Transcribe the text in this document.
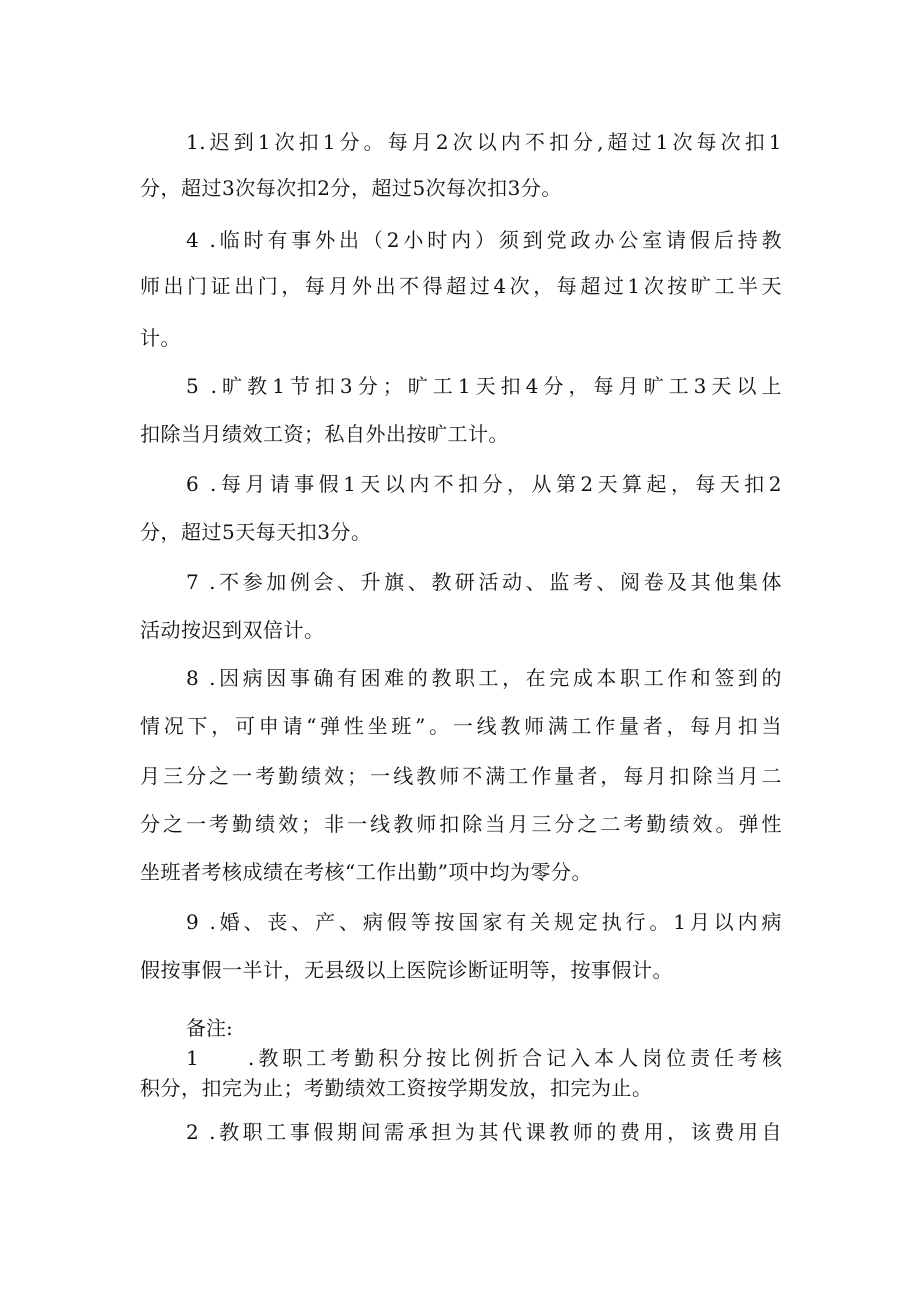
1.迟到1次扣1分。每月2次以内不扣分,超过1次每次扣1
分，超过3次每次扣2分，超过5次每次扣3分。
4 .临时有事外出（2小时内）须到党政办公室请假后持教
师出门证出门，每月外出不得超过4次，每超过1次按旷工半天
计。
5 .旷教1节扣3分；旷工1天扣4分，每月旷工3天以上
扣除当月绩效工资；私自外出按旷工计。
6 .每月请事假1天以内不扣分，从第2天算起，每天扣2
分，超过5天每天扣3分。
7 .不参加例会、升旗、教研活动、监考、阅卷及其他集体
活动按迟到双倍计。
8 .因病因事确有困难的教职工，在完成本职工作和签到的
情况下，可申请“弹性坐班”。一线教师满工作量者，每月扣当
月三分之一考勤绩效；一线教师不满工作量者，每月扣除当月二
分之一考勤绩效；非一线教师扣除当月三分之二考勤绩效。弹性
坐班者考核成绩在考核“工作出勤”项中均为零分。
9 .婚、丧、产、病假等按国家有关规定执行。1月以内病
假按事假一半计，无县级以上医院诊断证明等，按事假计。
备注:
1 .教职工考勤积分按比例折合记入本人岗位责任考核
积分，扣完为止；考勤绩效工资按学期发放，扣完为止。
2 .教职工事假期间需承担为其代课教师的费用，该费用自
